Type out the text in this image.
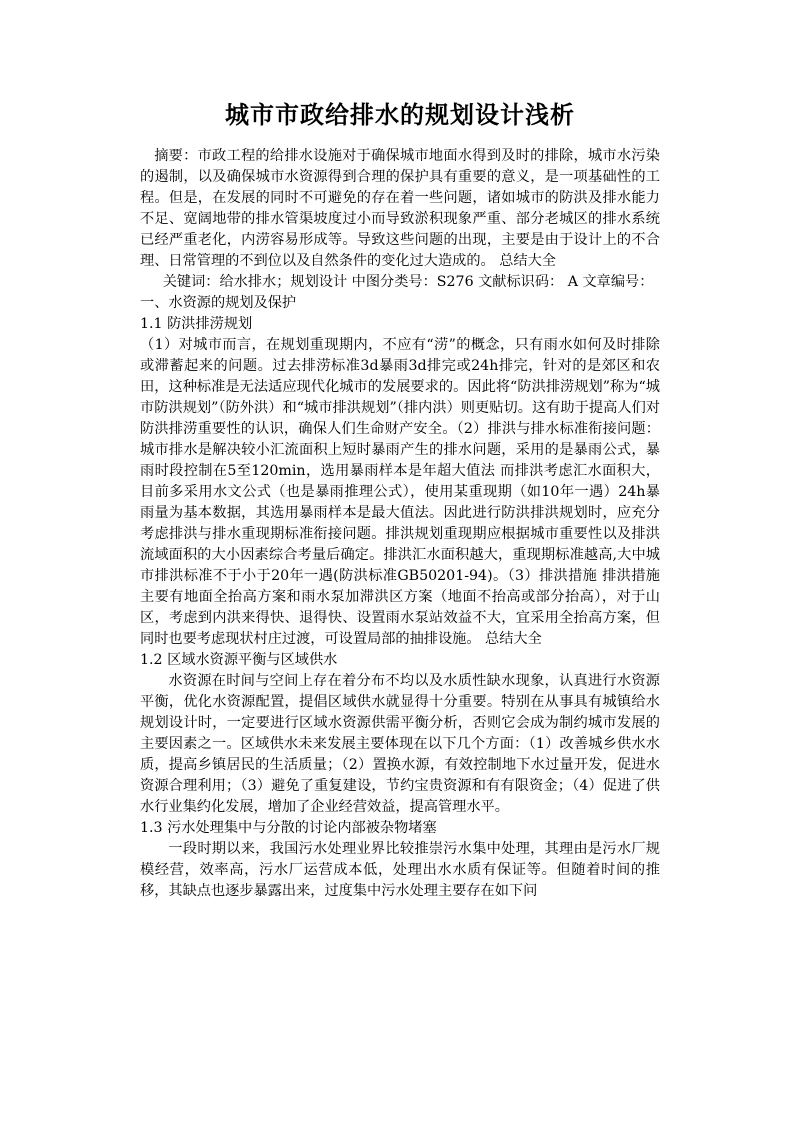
城市市政给排水的规划设计浅析

摘要：市政工程的给排水设施对于确保城市地面水得到及时的排除，城市水污染的遏制，以及确保城市水资源得到合理的保护具有重要的意义，是一项基础性的工程。但是，在发展的同时不可避免的存在着一些问题，诸如城市的防洪及排水能力不足、宽阔地带的排水管渠坡度过小而导致淤积现象严重、部分老城区的排水系统已经严重老化，内涝容易形成等。导致这些问题的出现，主要是由于设计上的不合理、日常管理的不到位以及自然条件的变化过大造成的。 总结大全

关键词：给水排水；规划设计 中图分类号：S276 文献标识码： A 文章编号：

一、水资源的规划及保护

1.1 防洪排涝规划

（1）对城市而言，在规划重现期内，不应有“涝”的概念，只有雨水如何及时排除或滞蓄起来的问题。过去排涝标准3d暴雨3d排完或24h排完，针对的是郊区和农田，这种标准是无法适应现代化城市的发展要求的。因此将“防洪排涝规划”称为“城市防洪规划”（防外洪）和“城市排洪规划”（排内洪）则更贴切。这有助于提高人们对防洪排涝重要性的认识，确保人们生命财产安全。（2）排洪与排水标准衔接问题：城市排水是解决较小汇流面积上短时暴雨产生的排水问题，采用的是暴雨公式，暴雨时段控制在5至120min，选用暴雨样本是年超大值法 而排洪考虑汇水面积大，目前多采用水文公式（也是暴雨推理公式），使用某重现期（如10年一遇）24h暴雨量为基本数据，其选用暴雨样本是最大值法。因此进行防洪排洪规划时，应充分考虑排洪与排水重现期标准衔接问题。排洪规划重现期应根据城市重要性以及排洪流域面积的大小因素综合考量后确定。排洪汇水面积越大，重现期标准越高,大中城市排洪标准不于小于20年一遇(防洪标准GB50201-94)。（3）排洪措施 排洪措施主要有地面全抬高方案和雨水泵加滞洪区方案（地面不抬高或部分抬高），对于山区，考虑到内洪来得快、退得快、设置雨水泵站效益不大，宜采用全抬高方案，但同时也要考虑现状村庄过渡，可设置局部的抽排设施。 总结大全

1.2 区域水资源平衡与区域供水

水资源在时间与空间上存在着分布不均以及水质性缺水现象，认真进行水资源平衡，优化水资源配置，提倡区域供水就显得十分重要。特别在从事具有城镇给水规划设计时，一定要进行区域水资源供需平衡分析，否则它会成为制约城市发展的主要因素之一。区域供水未来发展主要体现在以下几个方面：（1）改善城乡供水水质，提高乡镇居民的生活质量；（2）置换水源，有效控制地下水过量开发，促进水资源合理利用；（3）避免了重复建设，节约宝贵资源和有有限资金；（4）促进了供水行业集约化发展，增加了企业经营效益，提高管理水平。

1.3 污水处理集中与分散的讨论内部被杂物堵塞

一段时期以来，我国污水处理业界比较推崇污水集中处理，其理由是污水厂规模经营，效率高，污水厂运营成本低，处理出水水质有保证等。但随着时间的推移，其缺点也逐步暴露出来，过度集中污水处理主要存在如下问
